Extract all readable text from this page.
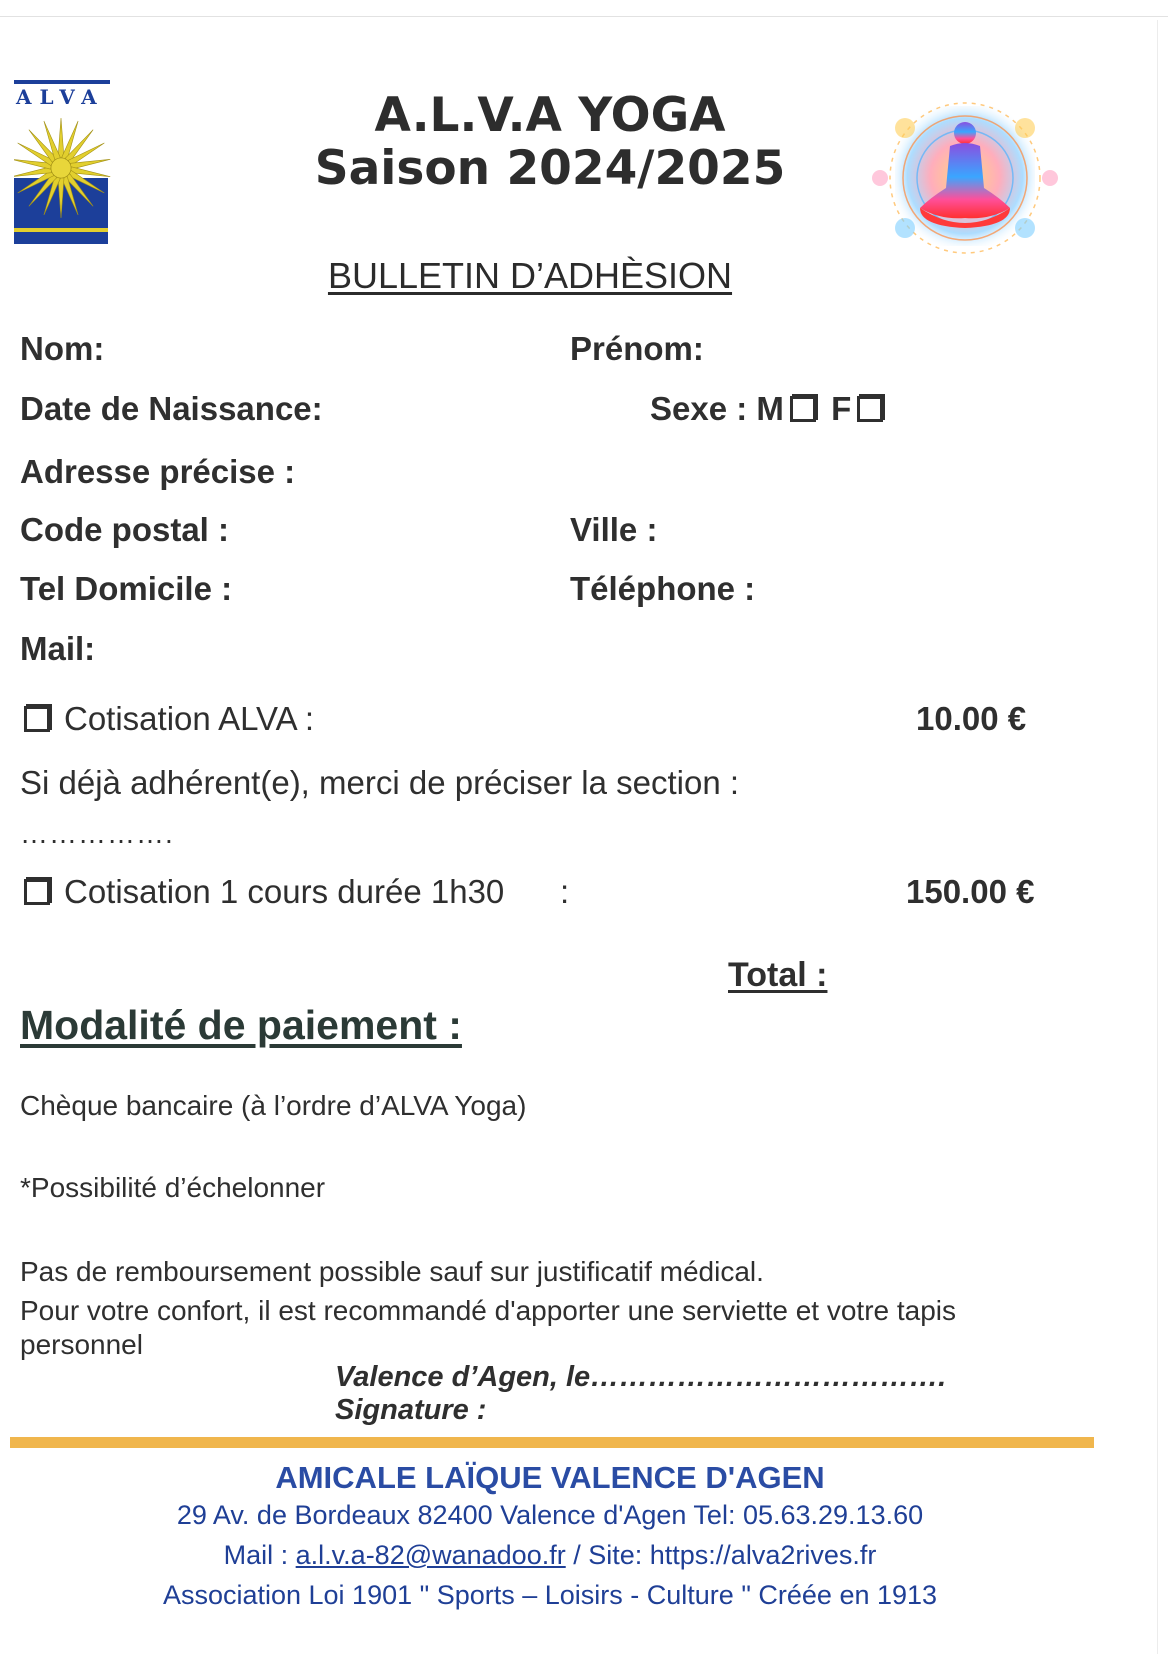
ALVA	A.L.V.A YOGA
Saison 2024/2025
BULLETIN D’ADHÈSION
Nom:	Prénom:
Date de Naissance:	Sexe : M F
Adresse précise :
Code postal :	Ville :
Tel Domicile :	Téléphone :
Mail:
Cotisation ALVA :	10.00 €
Si déjà adhérent(e), merci de préciser la section :
…………….
Cotisation 1 cours durée 1h30 :	150.00 €
Total :
Modalité de paiement :
Chèque bancaire (à l’ordre d’ALVA Yoga)
*Possibilité d’échelonner
Pas de remboursement possible sauf sur justificatif médical.
Pour votre confort, il est recommandé d'apporter une serviette et votre tapis
personnel
Valence d’Agen, le……………………………….
Signature :
AMICALE LAÏQUE VALENCE D'AGEN
29 Av. de Bordeaux 82400 Valence d'Agen Tel: 05.63.29.13.60
Mail : a.l.v.a-82@wanadoo.fr / Site: https://alva2rives.fr
Association Loi 1901 " Sports – Loisirs - Culture " Créée en 1913
